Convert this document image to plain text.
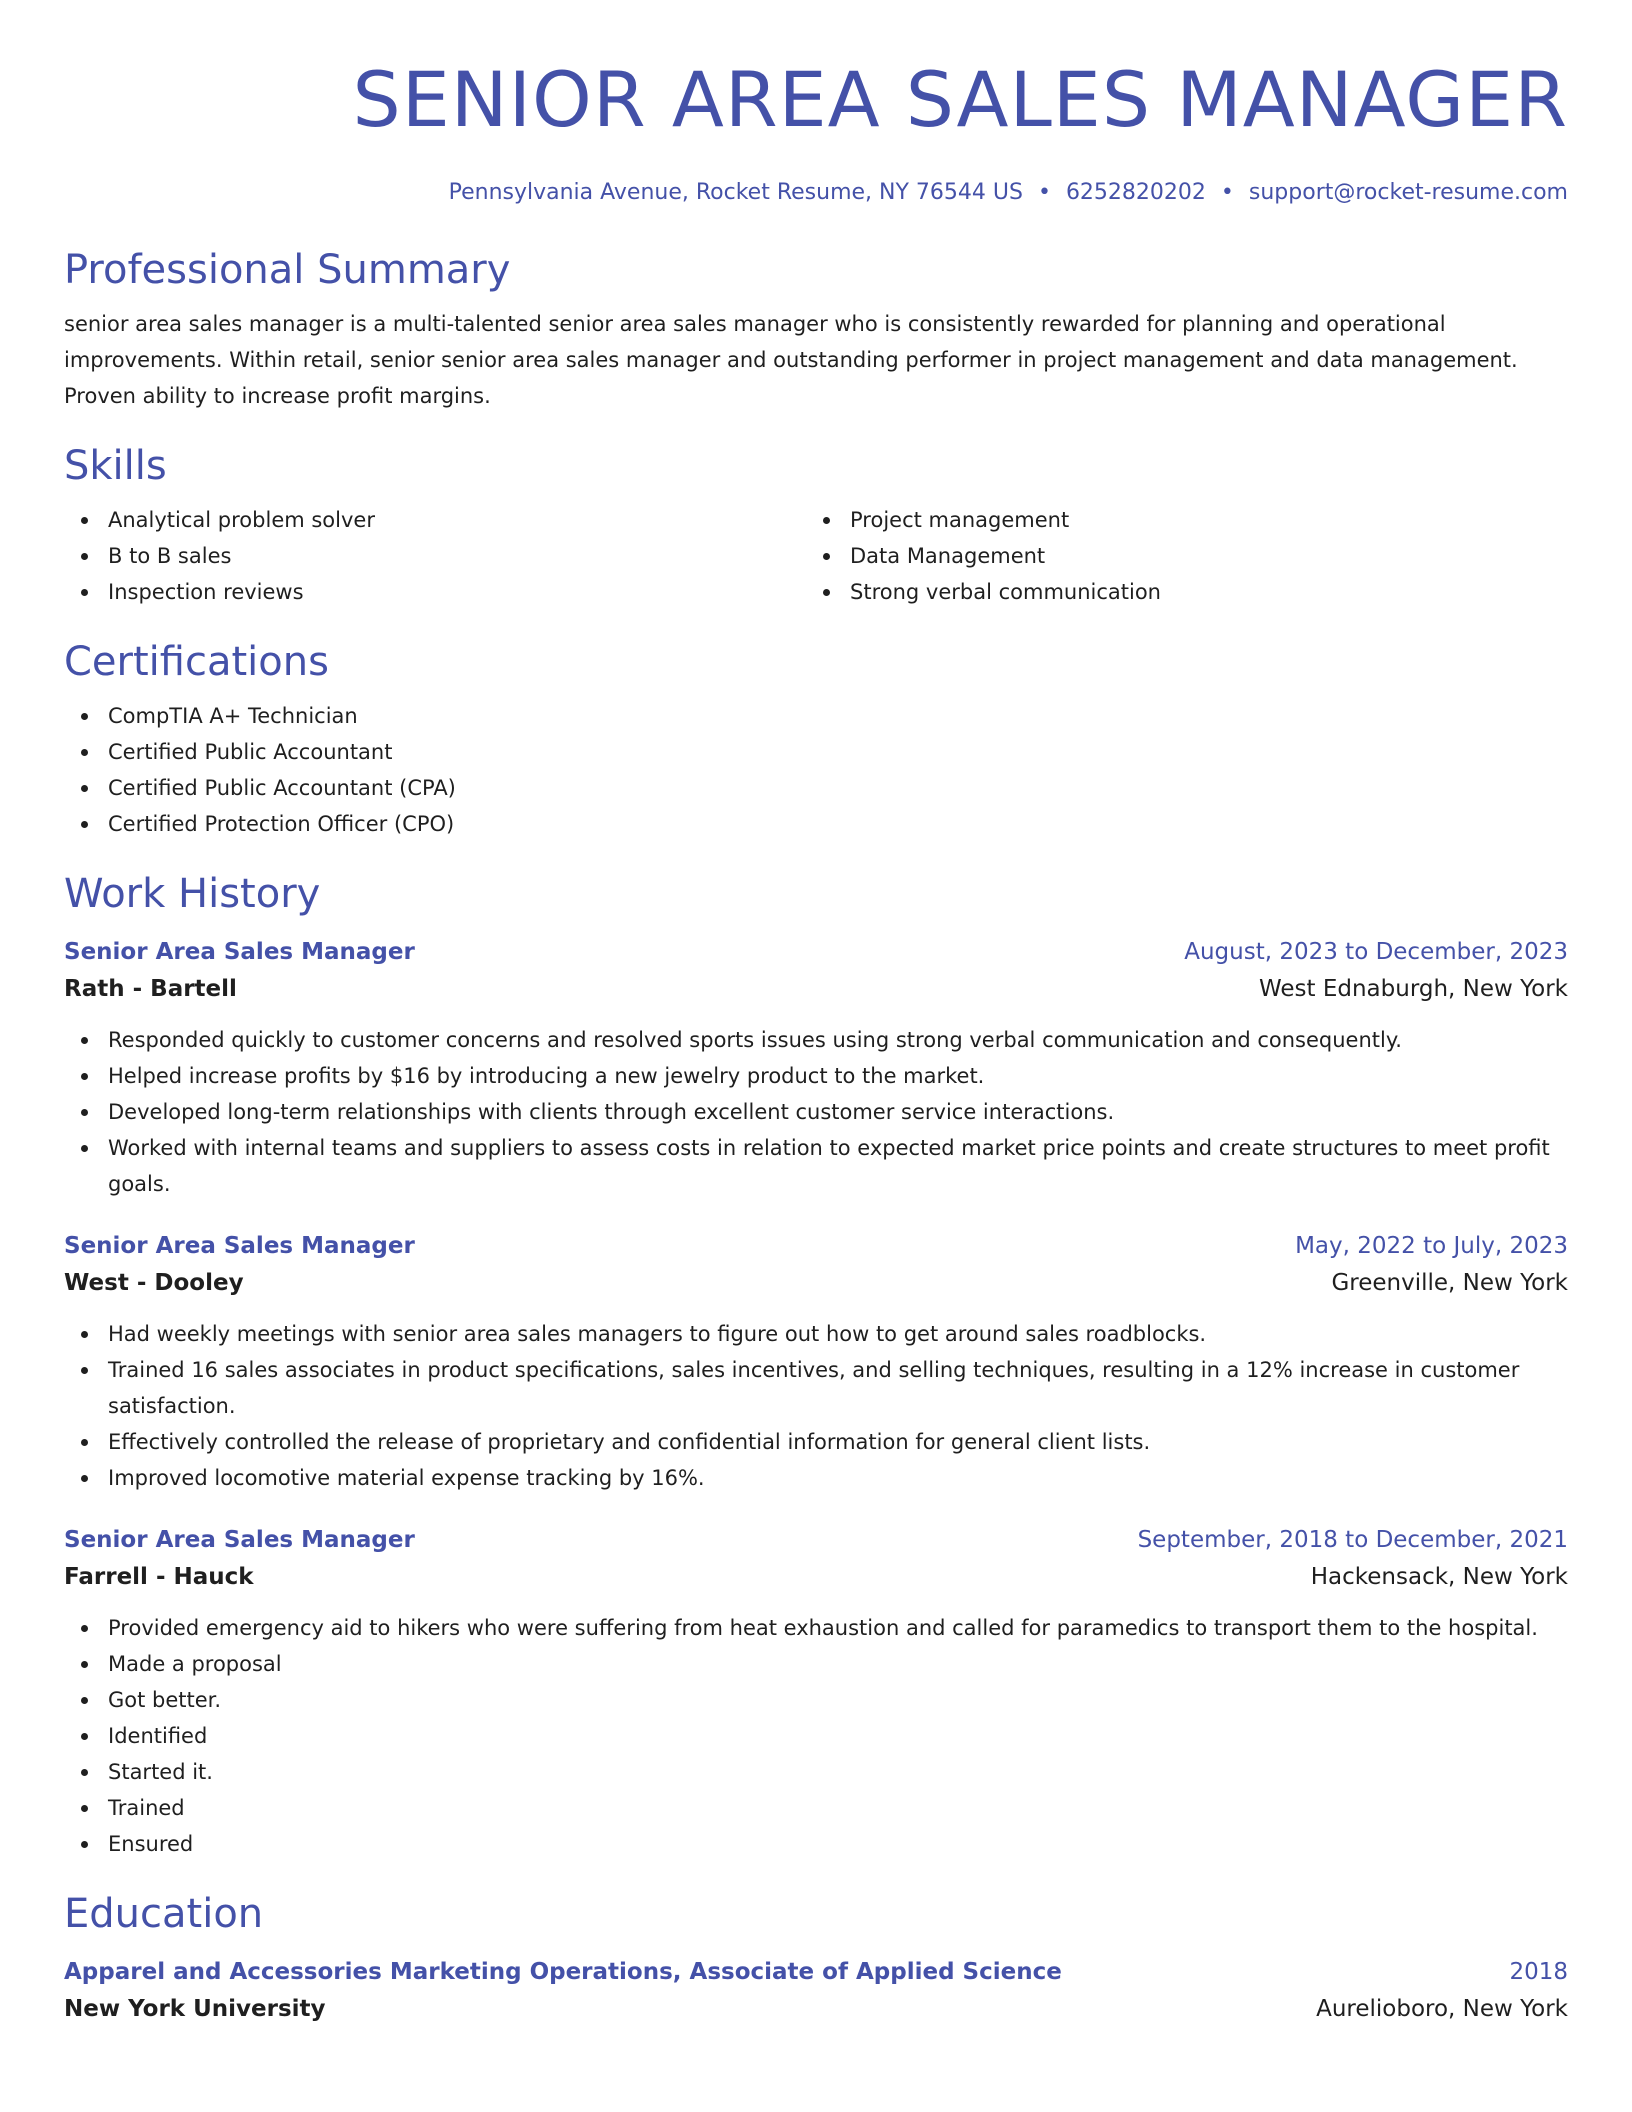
SENIOR AREA SALES MANAGER
Pennsylvania Avenue, Rocket Resume, NY 76544 US • 6252820202 • support@rocket-resume.com
Professional Summary

senior area sales manager is a multi-talented senior area sales manager who is consistently rewarded for planning and operational improvements. Within retail, senior senior area sales manager and outstanding performer in project management and data management. Proven ability to increase profit margins.

Skills
Analytical problem solver
B to B sales
Inspection reviews
Project management
Data Management
Strong verbal communication
Certifications
CompTIA A+ Technician
Certified Public Accountant
Certified Public Accountant (CPA)
Certified Protection Officer (CPO)
Work History
Senior Area Sales Manager	August, 2023 to December, 2023
Rath - Bartell	West Ednaburgh, New York
Responded quickly to customer concerns and resolved sports issues using strong verbal communication and consequently.
Helped increase profits by $16 by introducing a new jewelry product to the market.
Developed long-term relationships with clients through excellent customer service interactions.
Worked with internal teams and suppliers to assess costs in relation to expected market price points and create structures to meet profit goals.
Senior Area Sales Manager	May, 2022 to July, 2023
West - Dooley	Greenville, New York
Had weekly meetings with senior area sales managers to figure out how to get around sales roadblocks.
Trained 16 sales associates in product specifications, sales incentives, and selling techniques, resulting in a 12% increase in customer satisfaction.
Effectively controlled the release of proprietary and confidential information for general client lists.
Improved locomotive material expense tracking by 16%.
Senior Area Sales Manager	September, 2018 to December, 2021
Farrell - Hauck	Hackensack, New York
Provided emergency aid to hikers who were suffering from heat exhaustion and called for paramedics to transport them to the hospital.
Made a proposal
Got better.
Identified
Started it.
Trained
Ensured
Education
Apparel and Accessories Marketing Operations, Associate of Applied Science	2018
New York University	Aurelioboro, New York
